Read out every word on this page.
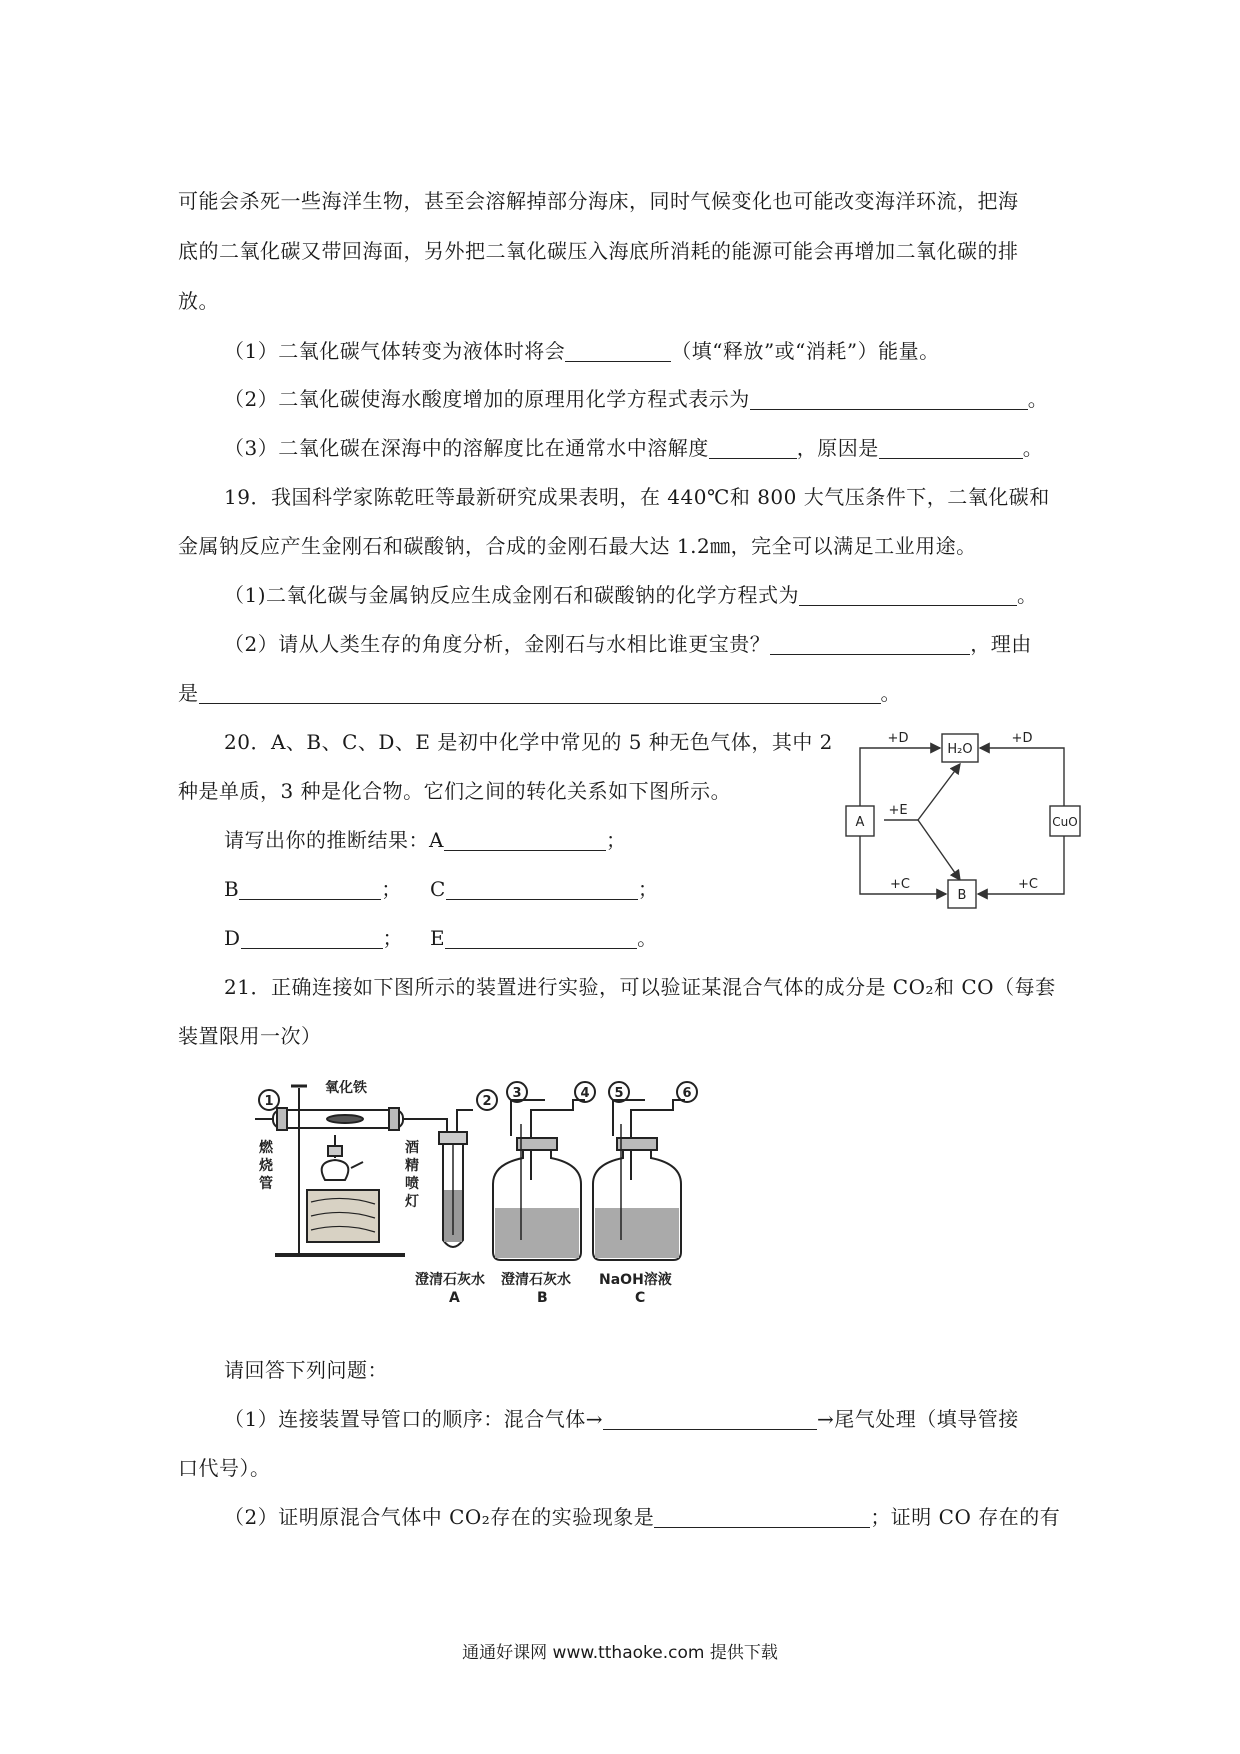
可能会杀死一些海洋生物，甚至会溶解掉部分海床，同时气候变化也可能改变海洋环流，把海
底的二氧化碳又带回海面，另外把二氧化碳压入海底所消耗的能源可能会再增加二氧化碳的排
放。
（1）二氧化碳气体转变为液体时将会	（填“释放”或“消耗”）能量。
（2）二氧化碳使海水酸度增加的原理用化学方程式表示为	。
（3）二氧化碳在深海中的溶解度比在通常水中溶解度	，原因是	。
19．我国科学家陈乾旺等最新研究成果表明，在 440℃和 800 大气压条件下，二氧化碳和
金属钠反应产生金刚石和碳酸钠，合成的金刚石最大达 1.2㎜，完全可以满足工业用途。
（1)二氧化碳与金属钠反应生成金刚石和碳酸钠的化学方程式为	。
（2）请从人类生存的角度分析，金刚石与水相比谁更宝贵？	，理由
是	。
20．A、B、C、D、E 是初中化学中常见的 5 种无色气体，其中 2
种是单质，3 种是化合物。它们之间的转化关系如下图所示。
请写出你的推断结果：A	；
B	； C	；
D	； E	。
H₂O
A	CuO
B
+D	+D
+E
+C	+C
21．正确连接如下图所示的装置进行实验，可以验证某混合气体的成分是 CO₂和 CO（每套
装置限用一次）
1	2
3	4 5	6
氧化铁
燃
烧
管
酒
精
喷
灯
澄清石灰水 澄清石灰水 NaOH溶液
A	B	C
请回答下列问题：
（1）连接装置导管口的顺序：混合气体→	→尾气处理（填导管接
口代号）。
（2）证明原混合气体中 CO₂存在的实验现象是	；证明 CO 存在的有
通通好课网 www.tthaoke.com 提供下载
